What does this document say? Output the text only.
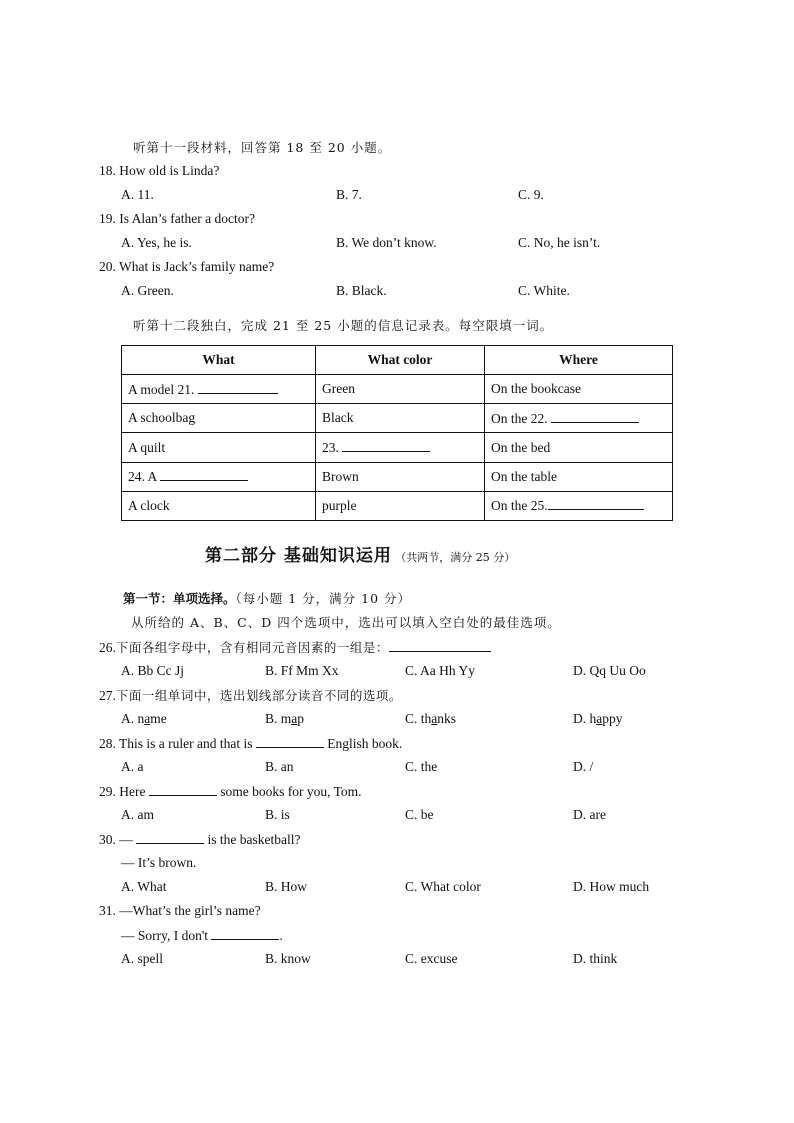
听第十一段材料，回答第 18 至 20 小题。
18. How old is Linda?
A. 11.	B. 7.	C. 9.
19. Is Alan’s father a doctor?
A. Yes, he is.	B. We don’t know.	C. No, he isn’t.
20. What is Jack’s family name?
A. Green.	B. Black.	C. White.
听第十二段独白，完成 21 至 25 小题的信息记录表。每空限填一词。
What	What color	Where
A model 21.	Green	On the bookcase
A schoolbag	Black	On the 22.
A quilt	23.	On the bed
24. A	Brown	On the table
A clock	purple	On the 25.
第二部分 基础知识运用 （共两节，满分 25 分）
第一节：单项选择。（每小题 1 分，满分 10 分）
从所给的 A、B、C、D 四个选项中，选出可以填入空白处的最佳选项。
26.下面各组字母中，含有相同元音因素的一组是：
A. Bb Cc Jj	B. Ff Mm Xx	C. Aa Hh Yy	D. Qq Uu Oo
27.下面一组单词中，选出划线部分读音不同的选项。
A. name	B. map	C. thanks	D. happy
28. This is a ruler and that is	English book.
A. a	B. an	C. the	D. /
29. Here	some books for you, Tom.
A. am	B. is	C. be	D. are
30. —	is the basketball?
— It’s brown.
A. What	B. How	C. What color	D. How much
31. —What’s the girl’s name?
— Sorry, I don't	.
A. spell	B. know	C. excuse	D. think
